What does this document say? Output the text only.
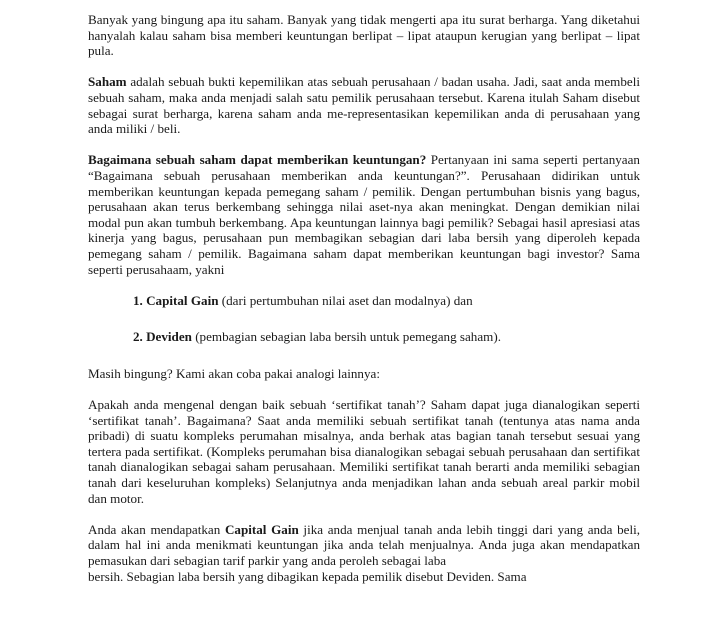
Banyak yang bingung apa itu saham. Banyak yang tidak mengerti apa itu surat berharga. Yang diketahui hanyalah kalau saham bisa memberi keuntungan berlipat – lipat ataupun kerugian yang berlipat – lipat pula.

Saham adalah sebuah bukti kepemilikan atas sebuah perusahaan / badan usaha. Jadi, saat anda membeli sebuah saham, maka anda menjadi salah satu pemilik perusahaan tersebut. Karena itulah Saham disebut sebagai surat berharga, karena saham anda me-representasikan kepemilikan anda di perusahaan yang anda miliki / beli.

Bagaimana sebuah saham dapat memberikan keuntungan? Pertanyaan ini sama seperti pertanyaan “Bagaimana sebuah perusahaan memberikan anda keuntungan?”. Perusahaan didirikan untuk memberikan keuntungan kepada pemegang saham / pemilik. Dengan pertumbuhan bisnis yang bagus, perusahaan akan terus berkembang sehingga nilai aset-nya akan meningkat. Dengan demikian nilai modal pun akan tumbuh berkembang. Apa keuntungan lainnya bagi pemilik? Sebagai hasil apresiasi atas kinerja yang bagus, perusahaan pun membagikan sebagian dari laba bersih yang diperoleh kepada pemegang saham / pemilik. Bagaimana saham dapat memberikan keuntungan bagi investor? Sama seperti perusahaam, yakni

1. Capital Gain (dari pertumbuhan nilai aset dan modalnya) dan
2. Deviden (pembagian sebagian laba bersih untuk pemegang saham).

Masih bingung? Kami akan coba pakai analogi lainnya:

Apakah anda mengenal dengan baik sebuah ‘sertifikat tanah’? Saham dapat juga dianalogikan seperti ‘sertifikat tanah’. Bagaimana? Saat anda memiliki sebuah sertifikat tanah (tentunya atas nama anda pribadi) di suatu kompleks perumahan misalnya, anda berhak atas bagian tanah tersebut sesuai yang tertera pada sertifikat. (Kompleks perumahan bisa dianalogikan sebagai sebuah perusahaan dan sertifikat tanah dianalogikan sebagai saham perusahaan. Memiliki sertifikat tanah berarti anda memiliki sebagian tanah dari keseluruhan kompleks) Selanjutnya anda menjadikan lahan anda sebuah areal parkir mobil dan motor.

Anda akan mendapatkan Capital Gain jika anda menjual tanah anda lebih tinggi dari yang anda beli, dalam hal ini anda menikmati keuntungan jika anda telah menjualnya. Anda juga akan mendapatkan pemasukan dari sebagian tarif parkir yang anda peroleh sebagai laba

bersih. Sebagian laba bersih yang dibagikan kepada pemilik disebut Deviden. Sama
